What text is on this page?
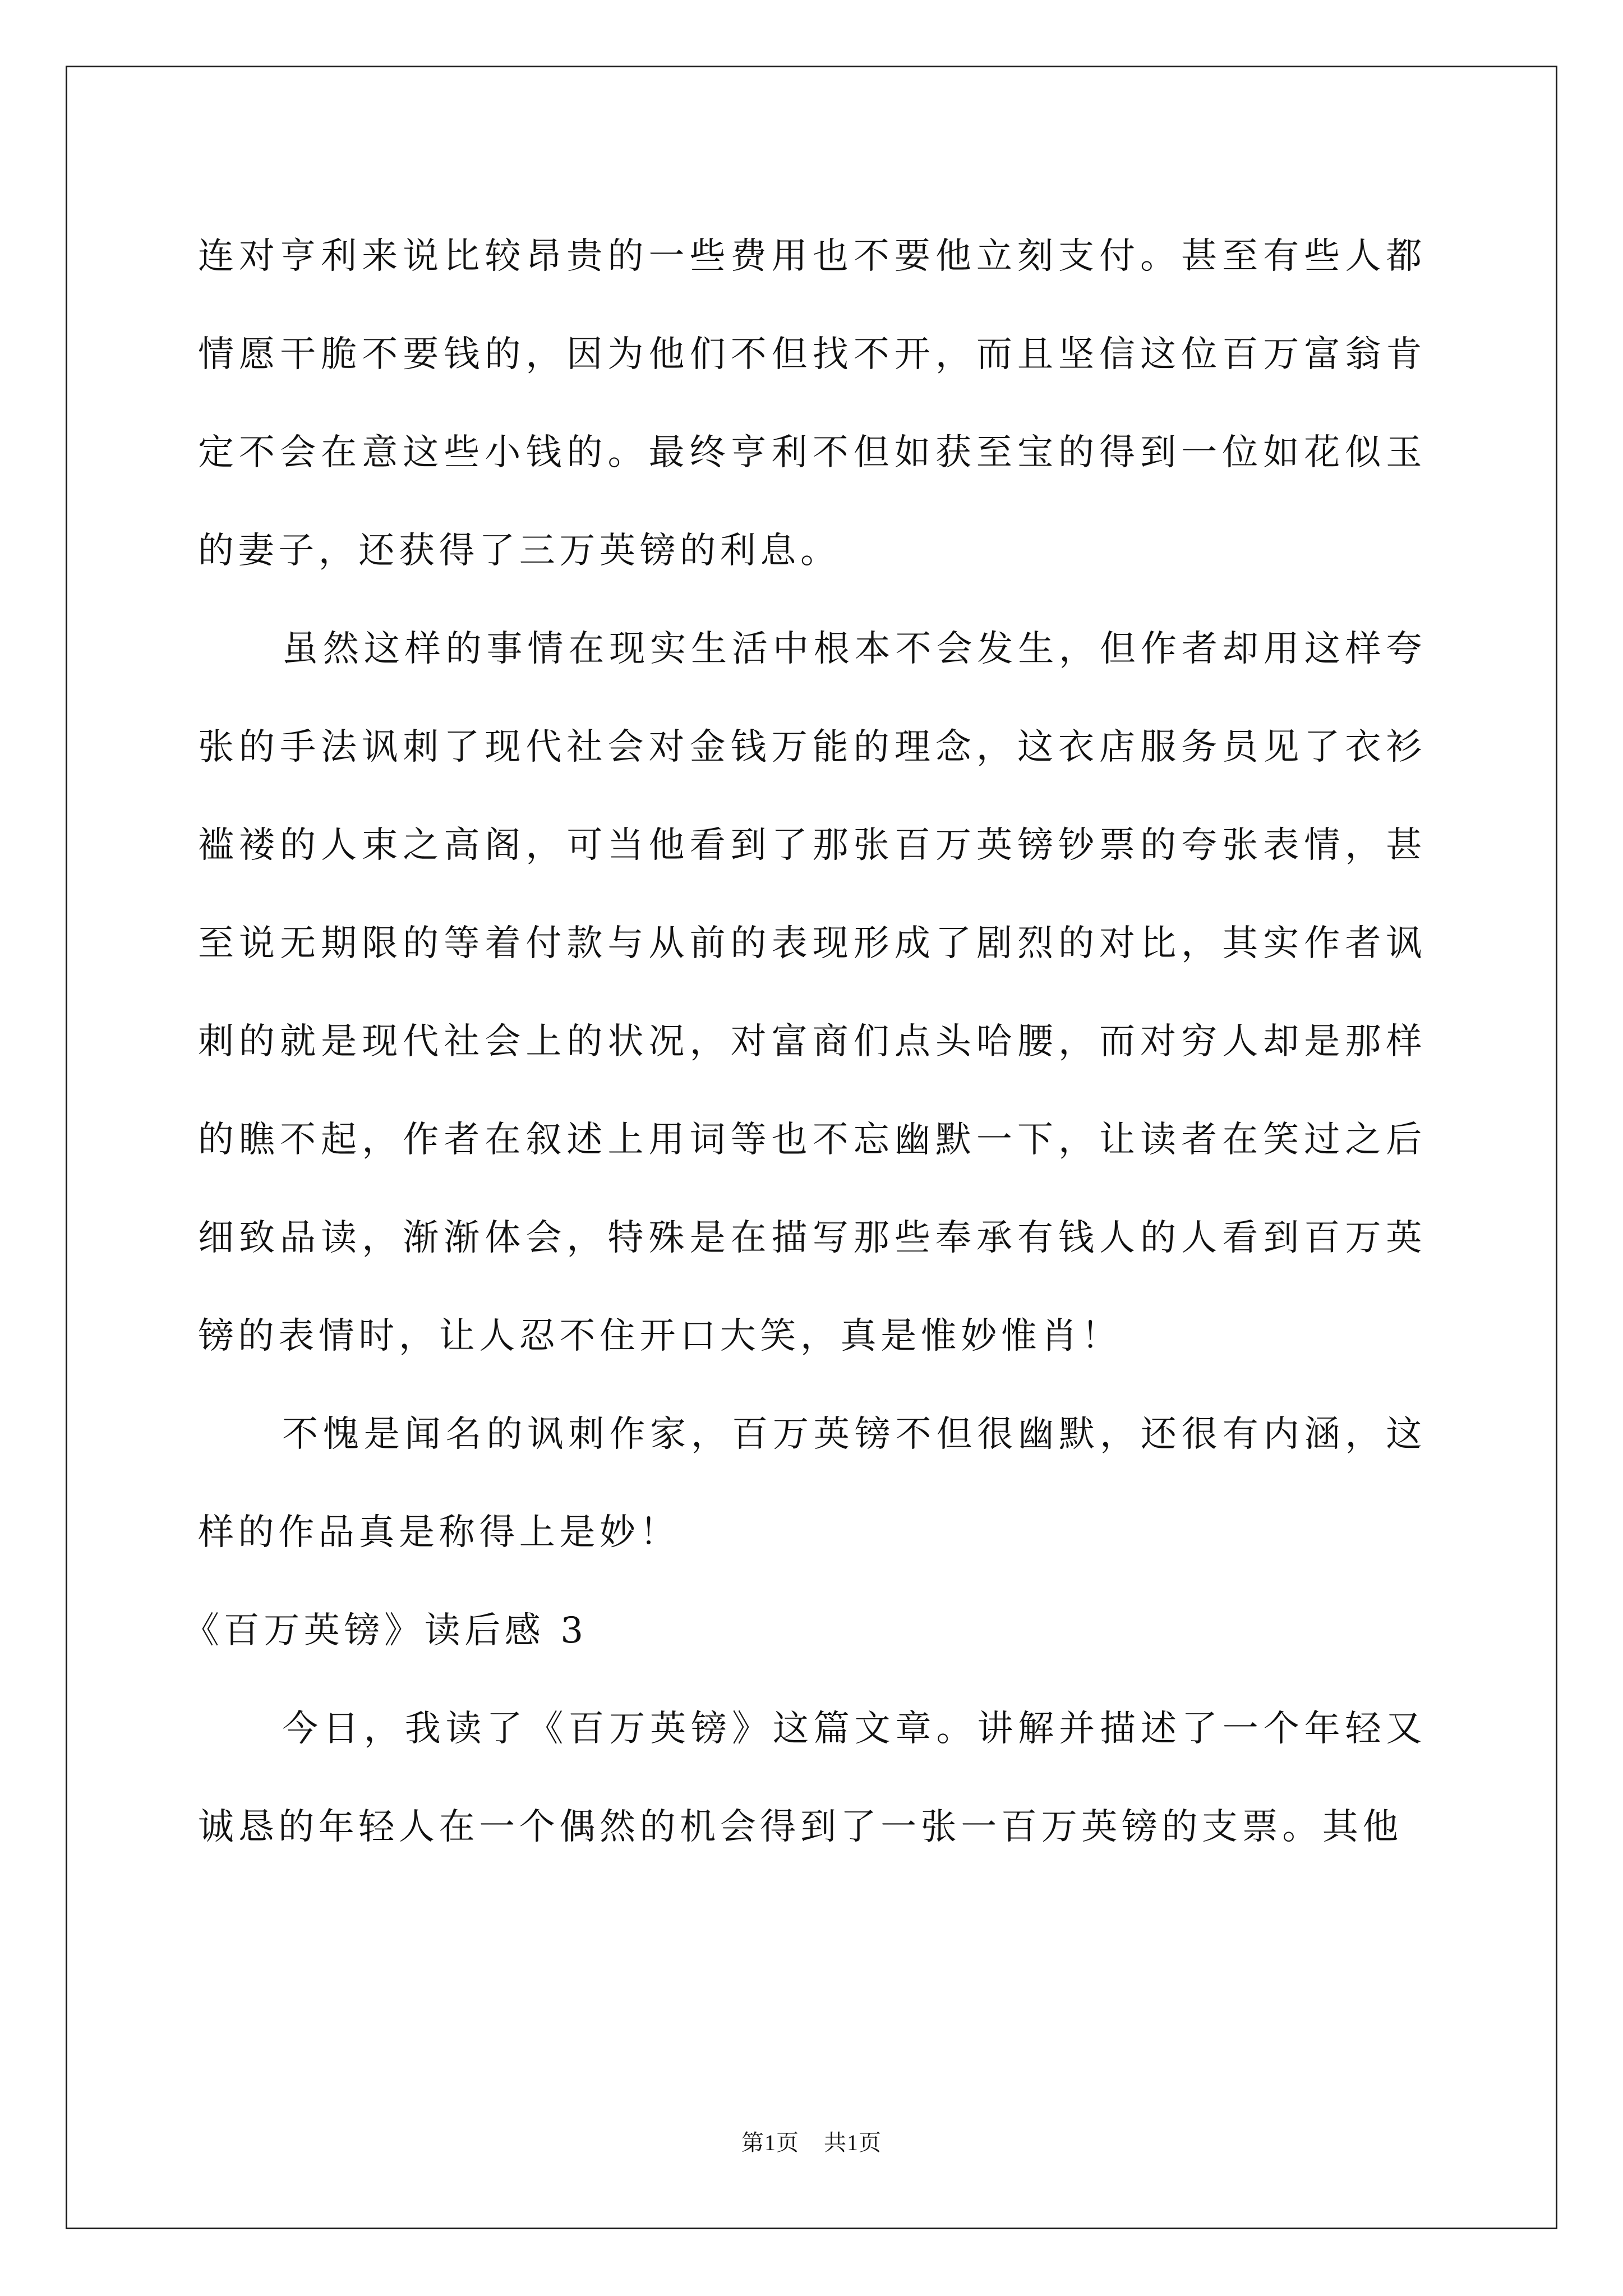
连对亨利来说比较昂贵的一些费用也不要他立刻支付。甚至有些人都情愿干脆不要钱的，因为他们不但找不开，而且坚信这位百万富翁肯定不会在意这些小钱的。最终亨利不但如获至宝的得到一位如花似玉的妻子，还获得了三万英镑的利息。

虽然这样的事情在现实生活中根本不会发生，但作者却用这样夸张的手法讽刺了现代社会对金钱万能的理念，这衣店服务员见了衣衫褴褛的人束之高阁，可当他看到了那张百万英镑钞票的夸张表情，甚至说无期限的等着付款与从前的表现形成了剧烈的对比，其实作者讽刺的就是现代社会上的状况，对富商们点头哈腰，而对穷人却是那样的瞧不起，作者在叙述上用词等也不忘幽默一下，让读者在笑过之后细致品读，渐渐体会，特殊是在描写那些奉承有钱人的人看到百万英镑的表情时，让人忍不住开口大笑，真是惟妙惟肖！

不愧是闻名的讽刺作家，百万英镑不但很幽默，还很有内涵，这样的作品真是称得上是妙！

《百万英镑》读后感 3

今日，我读了《百万英镑》这篇文章。讲解并描述了一个年轻又诚恳的年轻人在一个偶然的机会得到了一张一百万英镑的支票。其他

第1页 共1页
